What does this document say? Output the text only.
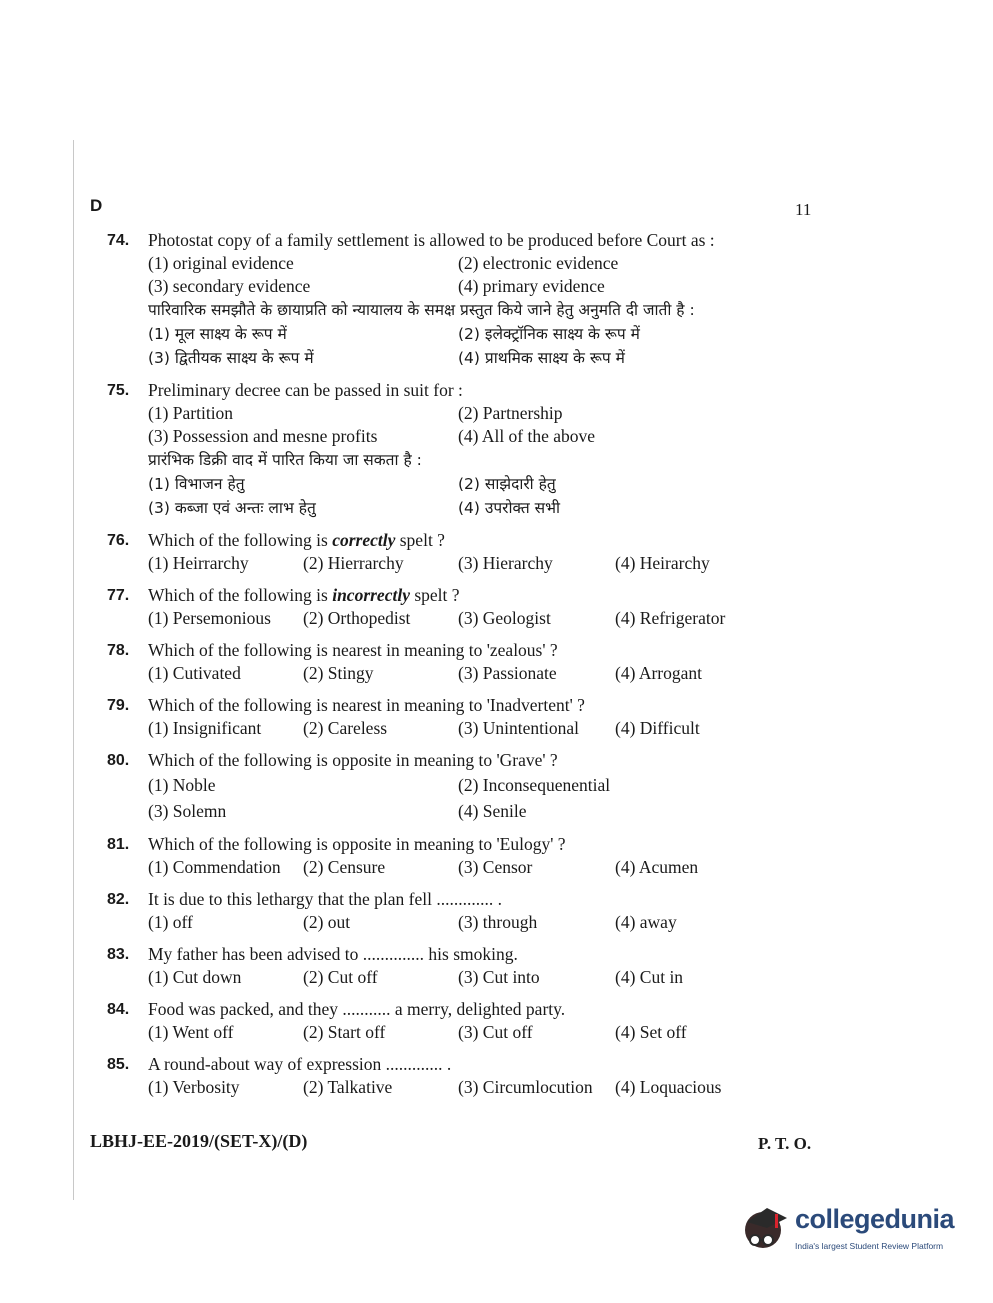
D	11
74. Photostat copy of a family settlement is allowed to be produced before Court as :
(1) original evidence	(2) electronic evidence
(3) secondary evidence	(4) primary evidence
पारिवारिक समझौते के छायाप्रति को न्यायालय के समक्ष प्रस्तुत किये जाने हेतु अनुमति दी जाती है :
(1) मूल साक्ष्य के रूप में	(2) इलेक्ट्रॉनिक साक्ष्य के रूप में
(3) द्वितीयक साक्ष्य के रूप में	(4) प्राथमिक साक्ष्य के रूप में
75. Preliminary decree can be passed in suit for :
(1) Partition	(2) Partnership
(3) Possession and mesne profits	(4) All of the above
प्रारंभिक डिक्री वाद में पारित किया जा सकता है :
(1) विभाजन हेतु	(2) साझेदारी हेतु
(3) कब्जा एवं अन्तः लाभ हेतु	(4) उपरोक्त सभी
76. Which of the following is correctly spelt ?
(1) Heirrarchy	(2) Hierrarchy	(3) Hierarchy	(4) Heirarchy
77. Which of the following is incorrectly spelt ?
(1) Persemonious	(2) Orthopedist	(3) Geologist	(4) Refrigerator
78. Which of the following is nearest in meaning to 'zealous' ?
(1) Cutivated	(2) Stingy	(3) Passionate	(4) Arrogant
79. Which of the following is nearest in meaning to 'Inadvertent' ?
(1) Insignificant	(2) Careless	(3) Unintentional	(4) Difficult
80. Which of the following is opposite in meaning to 'Grave' ?
(1) Noble	(2) Inconsequenential
(3) Solemn	(4) Senile
81. Which of the following is opposite in meaning to 'Eulogy' ?
(1) Commendation	(2) Censure	(3) Censor	(4) Acumen
82. It is due to this lethargy that the plan fell ............. .
(1) off	(2) out	(3) through	(4) away
83. My father has been advised to .............. his smoking.
(1) Cut down	(2) Cut off	(3) Cut into	(4) Cut in
84. Food was packed, and they ........... a merry, delighted party.
(1) Went off	(2) Start off	(3) Cut off	(4) Set off
85. A round-about way of expression ............. .
(1) Verbosity	(2) Talkative	(3) Circumlocution	(4) Loquacious
LBHJ-EE-2019/(SET-X)/(D)	P. T. O.
collegedunia
India's largest Student Review Platform
